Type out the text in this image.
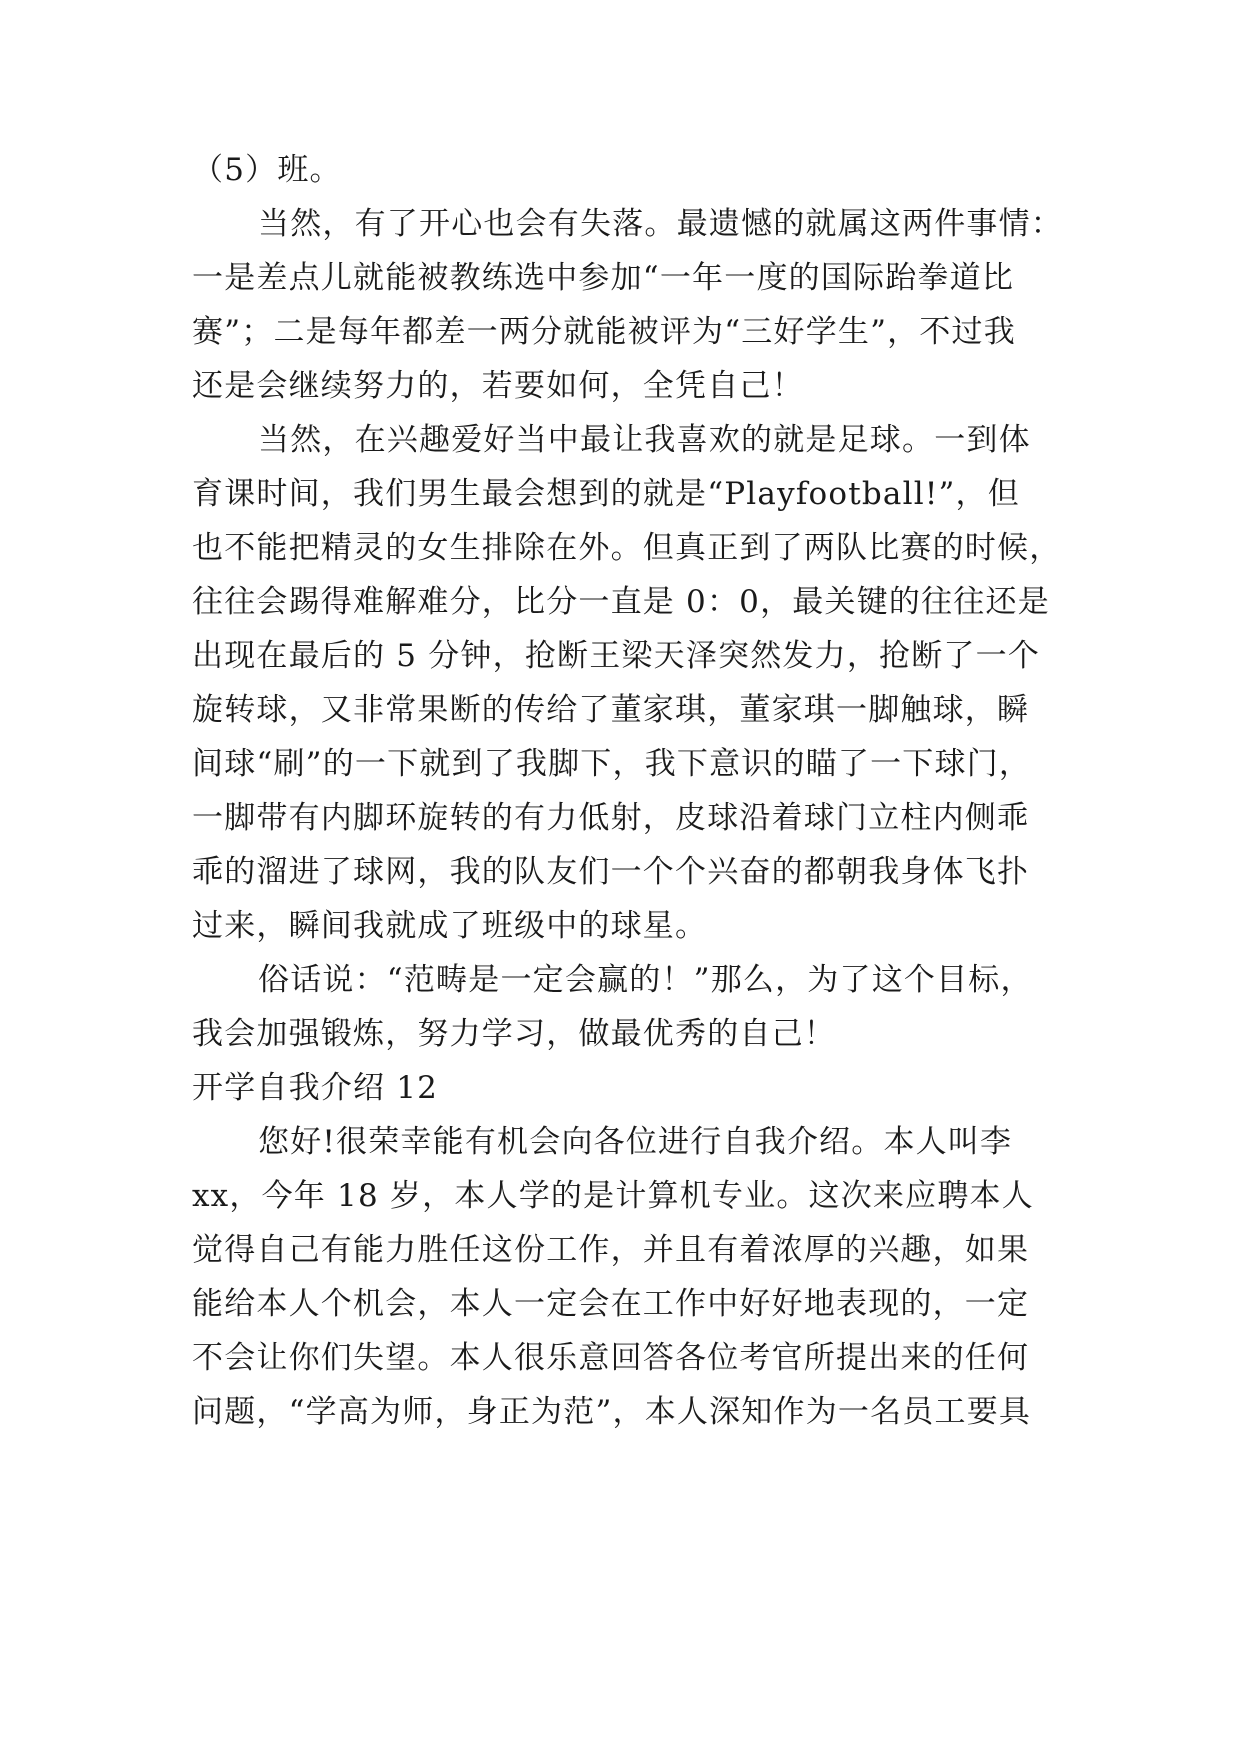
（5）班。
当然，有了开心也会有失落。最遗憾的就属这两件事情：
一是差点儿就能被教练选中参加“一年一度的国际跆拳道比
赛”；二是每年都差一两分就能被评为“三好学生”，不过我
还是会继续努力的，若要如何，全凭自己！
当然，在兴趣爱好当中最让我喜欢的就是足球。一到体
育课时间，我们男生最会想到的就是“Playfootball!”，但
也不能把精灵的女生排除在外。但真正到了两队比赛的时候，
往往会踢得难解难分，比分一直是 0：0，最关键的往往还是
出现在最后的 5 分钟，抢断王梁天泽突然发力，抢断了一个
旋转球，又非常果断的传给了董家琪，董家琪一脚触球，瞬
间球“刷”的一下就到了我脚下，我下意识的瞄了一下球门，
一脚带有内脚环旋转的有力低射，皮球沿着球门立柱内侧乖
乖的溜进了球网，我的队友们一个个兴奋的都朝我身体飞扑
过来，瞬间我就成了班级中的球星。
俗话说：“范畴是一定会赢的！”那么，为了这个目标，
我会加强锻炼，努力学习，做最优秀的自己！
开学自我介绍 12
您好!很荣幸能有机会向各位进行自我介绍。本人叫李
xx，今年 18 岁，本人学的是计算机专业。这次来应聘本人
觉得自己有能力胜任这份工作，并且有着浓厚的兴趣，如果
能给本人个机会，本人一定会在工作中好好地表现的，一定
不会让你们失望。本人很乐意回答各位考官所提出来的任何
问题，“学高为师，身正为范”，本人深知作为一名员工要具
